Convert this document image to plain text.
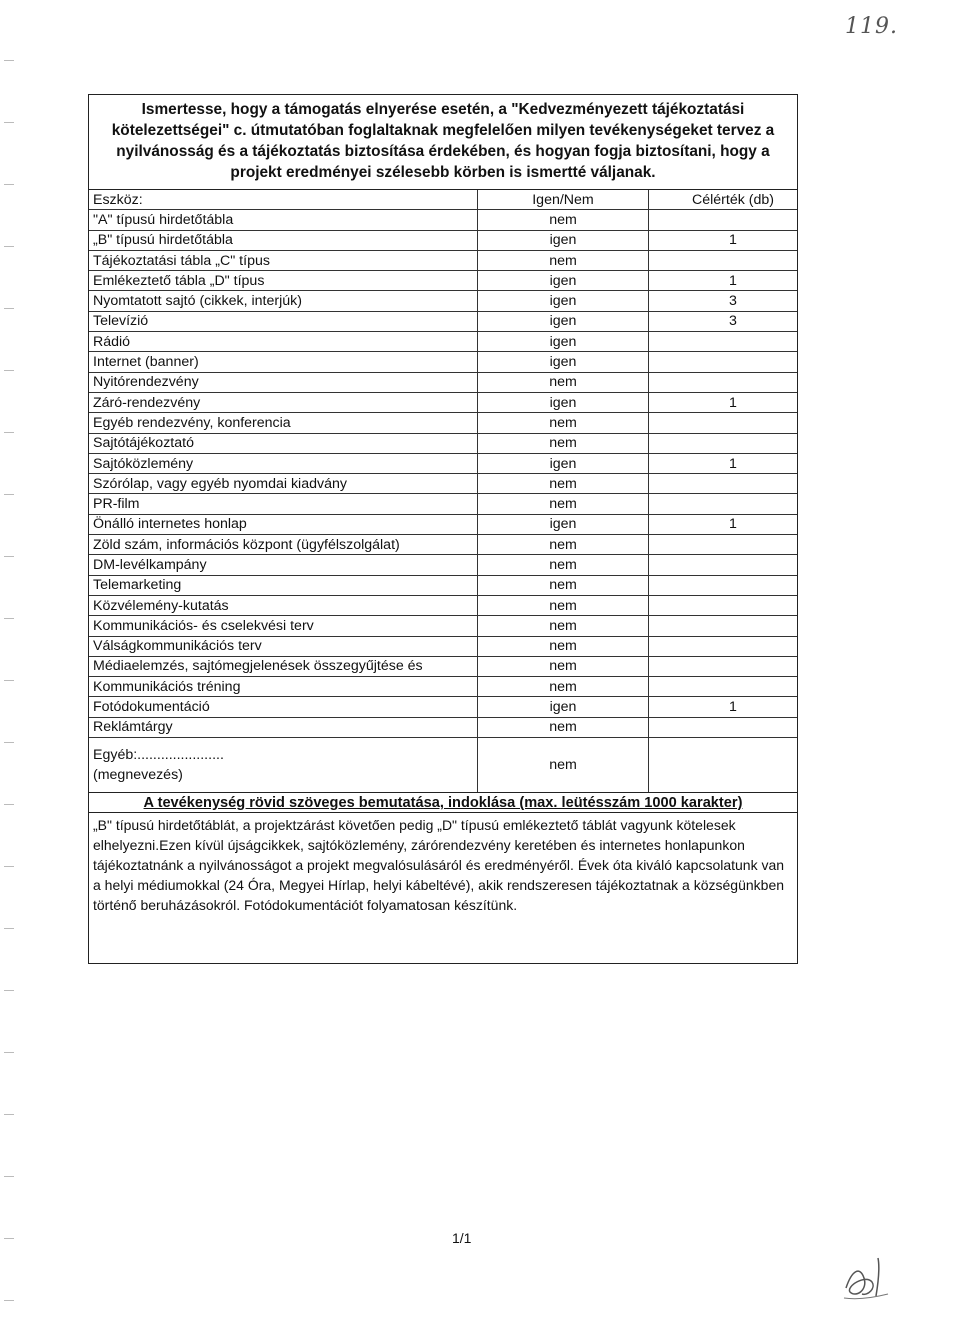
119.
Ismertesse, hogy a támogatás elnyerése esetén, a "Kedvezményezett tájékoztatási kötelezettségei" c. útmutatóban foglaltaknak megfelelően milyen tevékenységeket tervez a nyilvánosság és a tájékoztatás biztosítása érdekében, és hogyan fogja biztosítani, hogy a projekt eredményei szélesebb körben is ismertté váljanak.
Eszköz:	Igen/Nem	Célérték (db)
"A" típusú hirdetőtábla	nem	
„B" típusú hirdetőtábla	igen	1
Tájékoztatási tábla „C" típus	nem	
Emlékeztető tábla „D" típus	igen	1
Nyomtatott sajtó (cikkek, interjúk)	igen	3
Televízió	igen	3
Rádió	igen	
Internet (banner)	igen	
Nyitórendezvény	nem	
Záró-rendezvény	igen	1
Egyéb rendezvény, konferencia	nem	
Sajtótájékoztató	nem	
Sajtóközlemény	igen	1
Szórólap, vagy egyéb nyomdai kiadvány	nem	
PR-film	nem	
Önálló internetes honlap	igen	1
Zöld szám, információs központ (ügyfélszolgálat)	nem	
DM-levélkampány	nem	
Telemarketing	nem	
Közvélemény-kutatás	nem	
Kommunikációs- és cselekvési terv	nem	
Válságkommunikációs terv	nem	
Médiaelemzés, sajtómegjelenések összegyűjtése és	nem	
Kommunikációs tréning	nem	
Fotódokumentáció	igen	1
Reklámtárgy	nem	
Egyéb:......................
(megnevezés)	nem	
A tevékenység rövid szöveges bemutatása, indoklása (max. leütésszám 1000 karakter)
„B" típusú hirdetőtáblát, a projektzárást követően pedig „D" típusú emlékeztető táblát vagyunk kötelesek elhelyezni.Ezen kívül újságcikkek, sajtóközlemény, zárórendezvény keretében és internetes honlapunkon tájékoztatnánk a nyilvánosságot a projekt megvalósulásáról és eredményéről. Évek óta kiváló kapcsolatunk van a helyi médiumokkal (24 Óra, Megyei Hírlap, helyi kábeltévé), akik rendszeresen tájékoztatnak a községünkben történő beruházásokról. Fotódokumentációt folyamatosan készítünk.
1/1
